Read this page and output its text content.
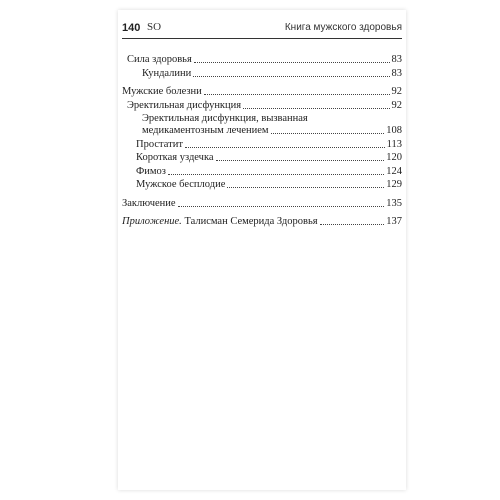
140 ЅО	Книга мужского здоровья
Сила здоровья	83
Кундалини	83
Мужские болезни	92
Эректильная дисфункция	92
Эректильная дисфункция, вызванная
медикаментозным лечением	108
Простатит	113
Короткая уздечка	120
Фимоз	124
Мужское бесплодие	129
Заключение	135
Приложение. Талисман Семерида Здоровья	137
